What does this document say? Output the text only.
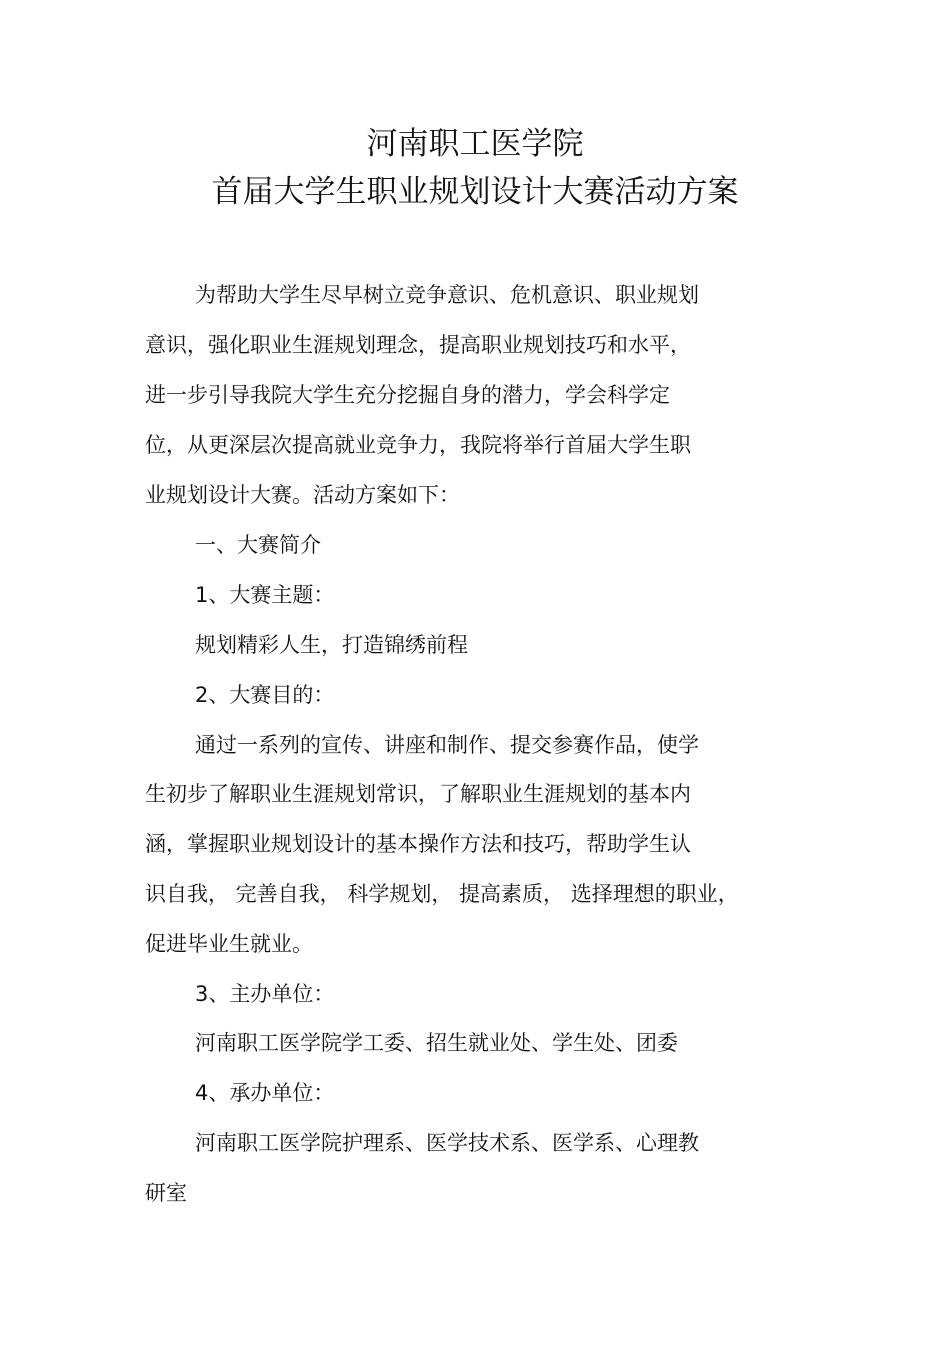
河南职工医学院
首届大学生职业规划设计大赛活动方案
为帮助大学生尽早树立竞争意识、危机意识、职业规划
意识，强化职业生涯规划理念，提高职业规划技巧和水平，
进一步引导我院大学生充分挖掘自身的潜力，学会科学定
位，从更深层次提高就业竞争力，我院将举行首届大学生职
业规划设计大赛。活动方案如下：
一、大赛简介
1、大赛主题：
规划精彩人生，打造锦绣前程
2、大赛目的：
通过一系列的宣传、讲座和制作、提交参赛作品，使学
生初步了解职业生涯规划常识，了解职业生涯规划的基本内
涵，掌握职业规划设计的基本操作方法和技巧，帮助学生认
识自我， 完善自我， 科学规划， 提高素质， 选择理想的职业，
促进毕业生就业。
3、主办单位：
河南职工医学院学工委、招生就业处、学生处、团委
4、承办单位：
河南职工医学院护理系、医学技术系、医学系、心理教
研室
